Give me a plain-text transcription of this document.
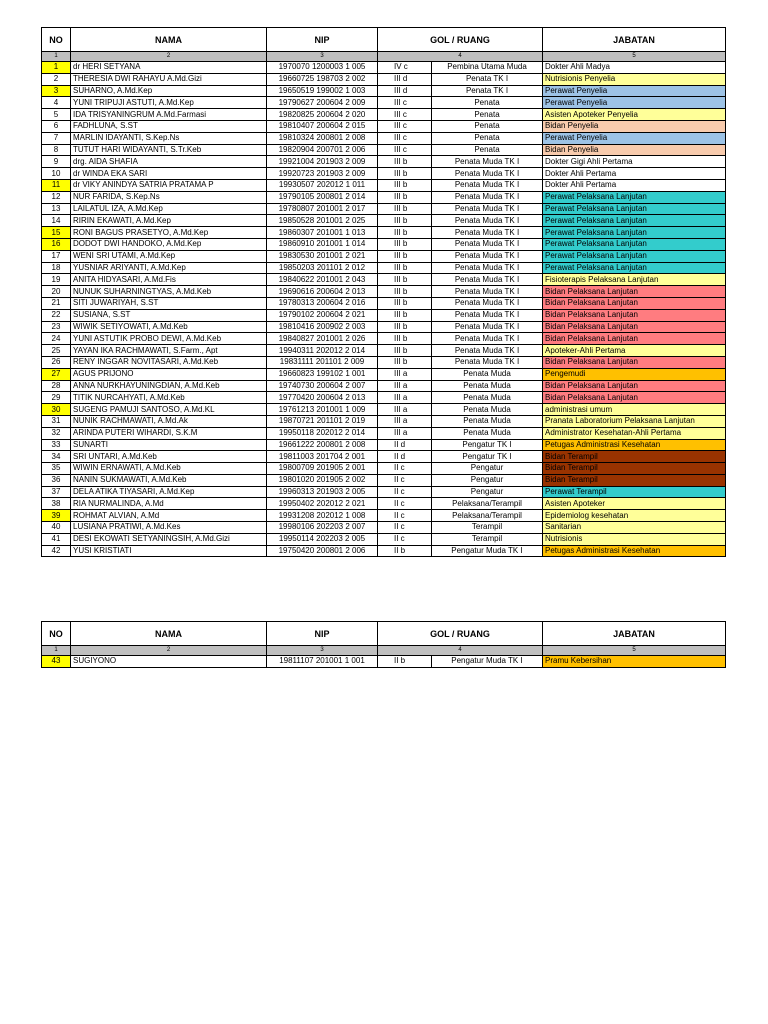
NO	NAMA	NIP	GOL / RUANG		JABATAN
1	2	3	4		5
1	dr HERI SETYANA	1970070 1200003 1 005	IV c	Pembina Utama Muda	Dokter Ahli Madya
2	THERESIA DWI RAHAYU A.Md.Gizi	19660725 198703 2 002	III d	Penata TK I	Nutrisionis Penyelia
3	SUHARNO, A.Md.Kep	19650519 199002 1 003	III d	Penata TK I	Perawat Penyelia
4	YUNI TRIPUJI ASTUTI, A.Md.Kep	19790627 200604 2 009	III c	Penata	Perawat Penyelia
5	IDA TRISYANINGRUM A.Md.Farmasi	19820825 200604 2 020	III c	Penata	Asisten Apoteker Penyelia
6	FADHLUNA, S.ST	19810407 200604 2 015	III c	Penata	Bidan Penyelia
7	MARLIN IDAYANTI, S.Kep.Ns	19810324 200801 2 008	III c	Penata	Perawat Penyelia
8	TUTUT HARI WIDAYANTI, S.Tr.Keb	19820904 200701 2 006	III c	Penata	Bidan Penyelia
9	drg. AIDA SHAFIA	19921004 201903 2 009	III b	Penata Muda TK I	Dokter Gigi Ahli Pertama
10	dr WINDA EKA SARI	19920723 201903 2 009	III b	Penata Muda TK I	Dokter Ahli Pertama
11	dr VIKY ANINDYA SATRIA PRATAMA P	19930507 202012 1 011	III b	Penata Muda TK I	Dokter Ahli Pertama
12	NUR FARIDA, S.Kep.Ns	19790105 200801 2 014	III b	Penata Muda TK I	Perawat Pelaksana Lanjutan
13	LAILATUL IZA, A.Md.Kep	19780807 201001 2 017	III b	Penata Muda TK I	Perawat Pelaksana Lanjutan
14	RIRIN EKAWATI, A.Md.Kep	19850528 201001 2 025	III b	Penata Muda TK I	Perawat Pelaksana Lanjutan
15	RONI BAGUS PRASETYO, A.Md.Kep	19860307 201001 1 013	III b	Penata Muda TK I	Perawat Pelaksana Lanjutan
16	DODOT DWI HANDOKO, A.Md.Kep	19860910 201001 1 014	III b	Penata Muda TK I	Perawat Pelaksana Lanjutan
17	WENI SRI UTAMI, A.Md.Kep	19830530 201001 2 021	III b	Penata Muda TK I	Perawat Pelaksana Lanjutan
18	YUSNIAR ARIYANTI, A.Md.Kep	19850203 201101 2 012	III b	Penata Muda TK I	Perawat Pelaksana Lanjutan
19	ANITA HIDYASARI, A.Md.Fis	19840622 201001 2 043	III b	Penata Muda TK I	Fisioterapis Pelaksana Lanjutan
20	NUNUK SUHARNINGTYAS, A.Md.Keb	19690616 200604 2 013	III b	Penata Muda TK I	Bidan Pelaksana Lanjutan
21	SITI JUWARIYAH, S.ST	19780313 200604 2 016	III b	Penata Muda TK I	Bidan Pelaksana Lanjutan
22	SUSIANA, S.ST	19790102 200604 2 021	III b	Penata Muda TK I	Bidan Pelaksana Lanjutan
23	WIWIK SETIYOWATI, A.Md.Keb	19810416 200902 2 003	III b	Penata Muda TK I	Bidan Pelaksana Lanjutan
24	YUNI ASTUTIK PROBO DEWI, A.Md.Keb	19840827 201001 2 026	III b	Penata Muda TK I	Bidan Pelaksana Lanjutan
25	YAYAN IKA RACHMAWATI, S.Farm., Apt	19940311 202012 2 014	III b	Penata Muda TK I	Apoteker-Ahli Pertama
26	RENY INGGAR NOVITASARI, A.Md.Keb	19831111 201101 2 009	III b	Penata Muda TK I	Bidan Pelaksana Lanjutan
27	AGUS PRIJONO	19660823 199102 1 001	III a	Penata Muda	Pengemudi
28	ANNA NURKHAYUNINGDIAN, A.Md.Keb	19740730 200604 2 007	III a	Penata Muda	Bidan Pelaksana Lanjutan
29	TITIK NURCAHYATI, A.Md.Keb	19770420 200604 2 013	III a	Penata Muda	Bidan Pelaksana Lanjutan
30	SUGENG PAMUJI SANTOSO, A.Md.KL	19761213 201001 1 009	III a	Penata Muda	administrasi umum
31	NUNIK RACHMAWATI, A.Md.Ak	19870721 201101 2 019	III a	Penata Muda	Pranata Laboratorium Pelaksana Lanjutan
32	ARINDA PUTERI WIHARDI, S.K.M	19950118 202012 2 014	III a	Penata Muda	Administrator Kesehatan-Ahli Pertama
33	SUNARTI	19661222 200801 2 008	II d	Pengatur TK I	Petugas Administrasi Kesehatan
34	SRI UNTARI, A.Md.Keb	19811003 201704 2 001	II d	Pengatur TK I	Bidan Terampil
35	WIWIN ERNAWATI, A.Md.Keb	19800709 201905 2 001	II c	Pengatur	Bidan Terampil
36	NANIN SUKMAWATI, A.Md.Keb	19801020 201905 2 002	II c	Pengatur	Bidan Terampil
37	DELA ATIKA TIYASARI, A.Md.Kep	19960313 201903 2 005	II c	Pengatur	Perawat Terampil
38	RIA NURMALINDA, A.Md	19950402 202012 2 021	II c	Pelaksana/Terampil	Asisten Apoteker
39	ROHMAT ALVIAN, A.Md	19931208 202012 1 008	II c	Pelaksana/Terampil	Epidemiolog kesehatan
40	LUSIANA PRATIWI, A.Md.Kes	19980106 202203 2 007	II c	Terampil	Sanitarian
41	DESI EKOWATI SETYANINGSIH, A.Md.Gizi	19950114 202203 2 005	II c	Terampil	Nutrisionis
42	YUSI KRISTIATI	19750420 200801 2 006	II b	Pengatur Muda TK I	Petugas Administrasi Kesehatan
NO	NAMA	NIP	GOL / RUANG		JABATAN
1	2	3	4		5
43	SUGIYONO	19811107 201001 1 001	II b	Pengatur Muda TK I	Pramu Kebersihan
